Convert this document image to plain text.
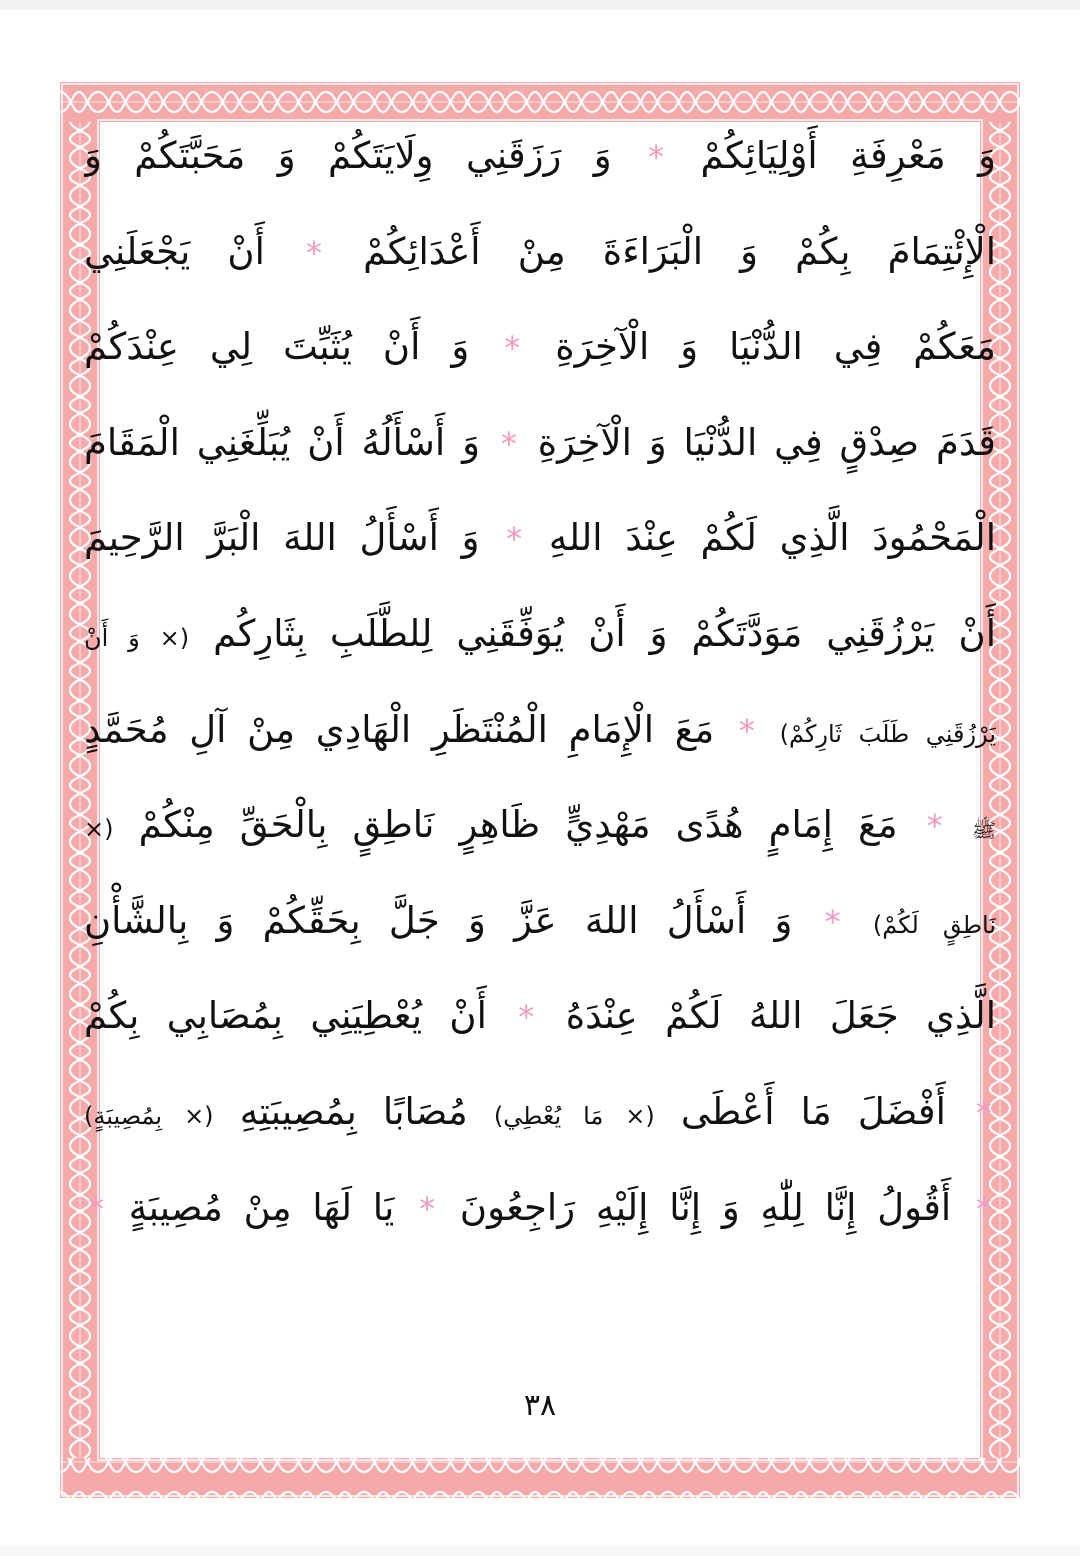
وَ مَعْرِفَةِ أَوْلِيَائِكُمْ * وَ رَزَقَنِي وِلَايَتَكُمْ وَ مَحَبَّتَكُمْ وَ
الْإِئْتِمَامَ بِكُمْ وَ الْبَرَاءَةَ مِنْ أَعْدَائِكُمْ * أَنْ يَجْعَلَنِي
مَعَكُمْ فِي الدُّنْيَا وَ الْآخِرَةِ * وَ أَنْ يُثَبِّتَ لِي عِنْدَكُمْ
قَدَمَ صِدْقٍ فِي الدُّنْيَا وَ الْآخِرَةِ * وَ أَسْأَلُهُ أَنْ يُبَلِّغَنِي الْمَقَامَ
الْمَحْمُودَ الَّذِي لَكُمْ عِنْدَ اللهِ * وَ أَسْأَلُ اللهَ الْبَرَّ الرَّحِيمَ
أَنْ يَرْزُقَنِي مَوَدَّتَكُمْ وَ أَنْ يُوَفِّقَنِي لِلطَّلَبِ بِثَارِكُم (× وَ أَنْ
يَرْزُقَنِي طَلَبَ ثَارِكُمْ) * مَعَ الْإِمَامِ الْمُنْتَظَرِ الْهَادِي مِنْ آلِ مُحَمَّدٍ
ﷺ * مَعَ إِمَامٍ هُدًى مَهْدِيٍّ ظَاهِرٍ نَاطِقٍ بِالْحَقِّ مِنْكُمْ (×
نَاطِقٍ لَكُمْ) * وَ أَسْأَلُ اللهَ عَزَّ وَ جَلَّ بِحَقِّكُمْ وَ بِالشَّأْنِ
الَّذِي جَعَلَ اللهُ لَكُمْ عِنْدَهُ * أَنْ يُعْطِيَنِي بِمُصَابِي بِكُمْ
* أَفْضَلَ مَا أَعْطَى (× مَا يُعْطِي) مُصَابًا بِمُصِيبَتِهِ (× بِمُصِيبَةٍ)
* أَقُولُ إِنَّا لِلّٰهِ وَ إِنَّا إِلَيْهِ رَاجِعُونَ * يَا لَهَا مِنْ مُصِيبَةٍ *
٣٨
